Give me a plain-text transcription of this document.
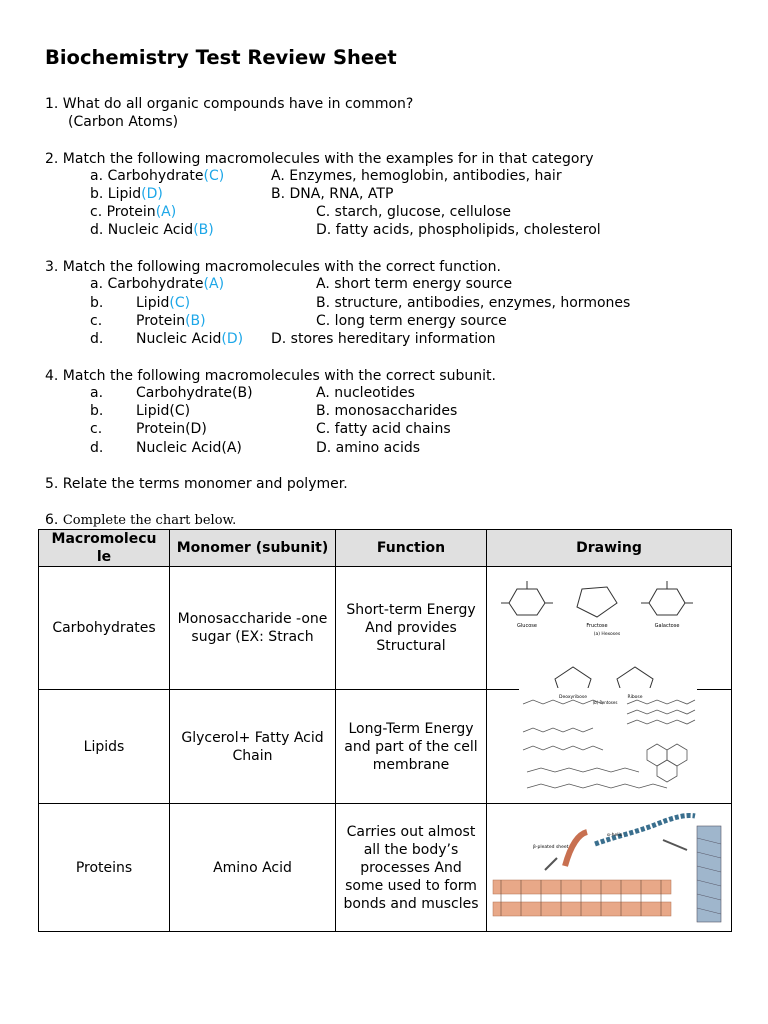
Biochemistry Test Review Sheet
1. What do all organic compounds have in common?
(Carbon Atoms)
2. Match the following macromolecules with the examples for in that category
a. Carbohydrate(C)	A. Enzymes, hemoglobin, antibodies, hair
b. Lipid(D)	B. DNA, RNA, ATP
c. Protein(A)	C. starch, glucose, cellulose
d. Nucleic Acid(B)	D. fatty acids, phospholipids, cholesterol
3. Match the following macromolecules with the correct function.
a. Carbohydrate(A)	A. short term energy source
b. Lipid(C)	B. structure, antibodies, enzymes, hormones
c. Protein(B)	C. long term energy source
d. Nucleic Acid(D) D. stores hereditary information
4. Match the following macromolecules with the correct subunit.
a. Carbohydrate(B)	A. nucleotides
b. Lipid(C)	B. monosaccharides
c. Protein(D)	C. fatty acid chains
d. Nucleic Acid(A)	D. amino acids
5. Relate the terms monomer and polymer.
6. Complete the chart below.
Macromolecu le	Monomer (subunit)	Function	Drawing
Carbohydrates	Monosaccharide -one sugar (EX: Strach	Short-term Energy And provides Structural	Glucose Fructose Galactose
(a) Hexoses

Lipids	Glycerol+ Fatty Acid Chain	Long-Term Energy and part of the cell membrane	Deoxyribose Ribose
(b) Pentoses

Proteins	Amino Acid	Carries out almost all the body’s processes And some used to form bonds and muscles	α-helix
β-pleated sheet
